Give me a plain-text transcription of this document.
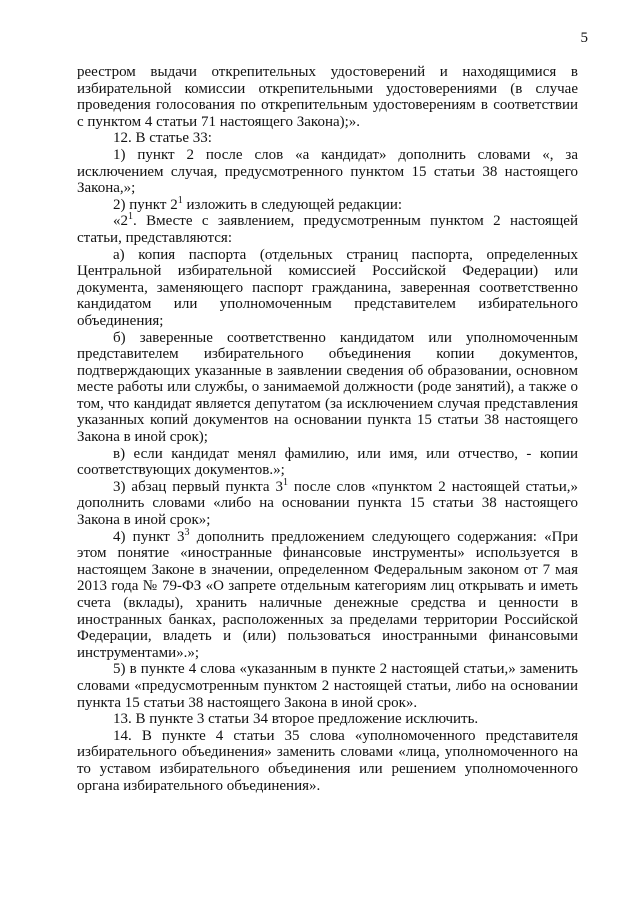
5

реестром выдачи открепительных удостоверений и находящимися в избирательной комиссии открепительными удостоверениями (в случае проведения голосования по открепительным удостоверениям в соответствии с пунктом 4 статьи 71 настоящего Закона);».

12. В статье 33:

1) пункт 2 после слов «а кандидат» дополнить словами «, за исключением случая, предусмотренного пунктом 15 статьи 38 настоящего Закона,»;

2) пункт $2^1$ изложить в следующей редакции:

«$2^1$. Вместе с заявлением, предусмотренным пунктом 2 настоящей статьи, представляются:

а) копия паспорта (отдельных страниц паспорта, определенных Центральной избирательной комиссией Российской Федерации) или документа, заменяющего паспорт гражданина, заверенная соответственно кандидатом или уполномоченным представителем избирательного объединения;

б) заверенные соответственно кандидатом или уполномоченным представителем избирательного объединения копии документов, подтверждающих указанные в заявлении сведения об образовании, основном месте работы или службы, о занимаемой должности (роде занятий), а также о том, что кандидат является депутатом (за исключением случая представления указанных копий документов на основании пункта 15 статьи 38 настоящего Закона в иной срок);

в) если кандидат менял фамилию, или имя, или отчество, - копии соответствующих документов.»;

3) абзац первый пункта $3^1$ после слов «пунктом 2 настоящей статьи,» дополнить словами «либо на основании пункта 15 статьи 38 настоящего Закона в иной срок»;

4) пункт $3^3$ дополнить предложением следующего содержания: «При этом понятие «иностранные финансовые инструменты» используется в настоящем Законе в значении, определенном Федеральным законом от 7 мая 2013 года № 79-ФЗ «О запрете отдельным категориям лиц открывать и иметь счета (вклады), хранить наличные денежные средства и ценности в иностранных банках, расположенных за пределами территории Российской Федерации, владеть и (или) пользоваться иностранными финансовыми инструментами».»;

5) в пункте 4 слова «указанным в пункте 2 настоящей статьи,» заменить словами «предусмотренным пунктом 2 настоящей статьи, либо на основании пункта 15 статьи 38 настоящего Закона в иной срок».

13. В пункте 3 статьи 34 второе предложение исключить.

14. В пункте 4 статьи 35 слова «уполномоченного представителя избирательного объединения» заменить словами «лица, уполномоченного на то уставом избирательного объединения или решением уполномоченного органа избирательного объединения».
